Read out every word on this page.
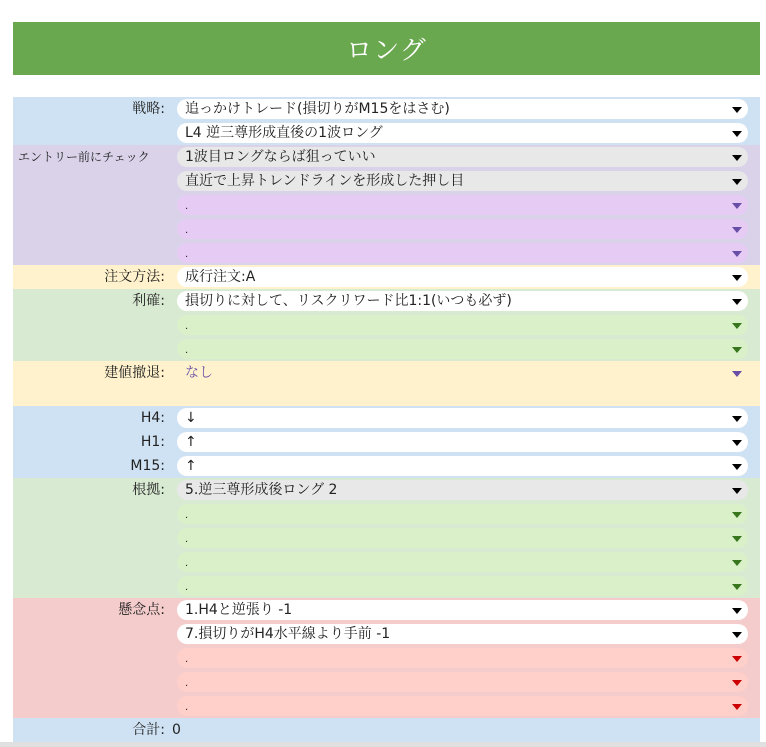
ロング
戦略:	追っかけトレード(損切りがM15をはさむ)
L4 逆三尊形成直後の1波ロング
エントリー前にチェック	1波目ロングならば狙っていい
直近で上昇トレンドラインを形成した押し目
.
.
.
注文方法:	成行注文:A
利確:	損切りに対して、リスクリワード比1:1(いつも必ず)
.
.
建値撤退:	なし
H4:	↓
H1:	↑
M15:	↑
根拠:	5.逆三尊形成後ロング 2
.
.
.
.
懸念点:	1.H4と逆張り -1
7.損切りがH4水平線より手前 -1
.
.
.
合計: 0
